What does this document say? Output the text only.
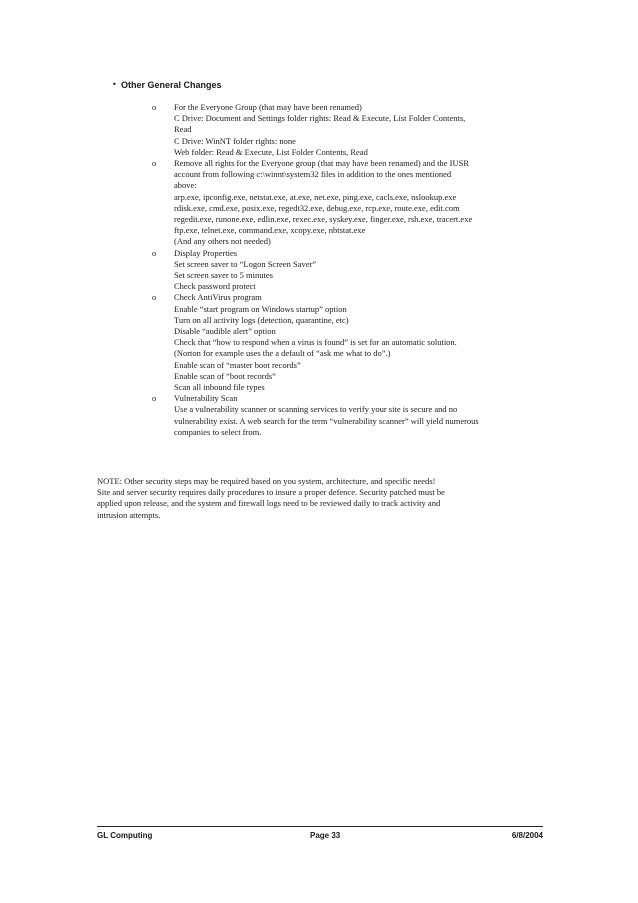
• Other General Changes
o For the Everyone Group (that may have been renamed)
C Drive: Document and Settings folder rights: Read & Execute, List Folder Contents,
Read
C Drive: WinNT folder rights: none
Web folder: Read & Execute, List Folder Contents, Read
o Remove all rights for the Everyone group (that may have been renamed) and the IUSR
account from following c:\winnt\system32 files in addition to the ones mentioned
above:
arp.exe, ipconfig.exe, netstat.exe, at.exe, net.exe, ping.exe, cacls.exe, nslookup.exe
rdisk.exe, cmd.exe, posix.exe, regedt32.exe, debug.exe, rcp.exe, route.exe, edit.com
regedit.exe, runone.exe, edlin.exe, rexec.exe, syskey.exe, finger.exe, rsh.exe, tracert.exe
ftp.exe, telnet.exe, command.exe, xcopy.exe, nbtstat.exe
(And any others not needed)
o Display Properties
Set screen saver to “Logon Screen Saver”
Set screen saver to 5 minutes
Check password protect
o Check AntiVirus program
Enable “start program on Windows startup” option
Turn on all activity logs (detection, quarantine, etc)
Disable “audible alert” option
Check that “how to respond when a virus is found” is set for an automatic solution.
(Norton for example uses the a default of “ask me what to do”.)
Enable scan of “master boot records”
Enable scan of “boot records”
Scan all inbound file types
o Vulnerability Scan
Use a vulnerability scanner or scanning services to verify your site is secure and no
vulnerability exist. A web search for the term “vulnerability scanner” will yield numerous
companies to select from.
NOTE: Other security steps may be required based on you system, architecture, and specific needs!
Site and server security requires daily procedures to insure a proper defence. Security patched must be
applied upon release, and the system and firewall logs need to be reviewed daily to track activity and
intrusion attempts.
GL Computing	Page 33	6/8/2004
